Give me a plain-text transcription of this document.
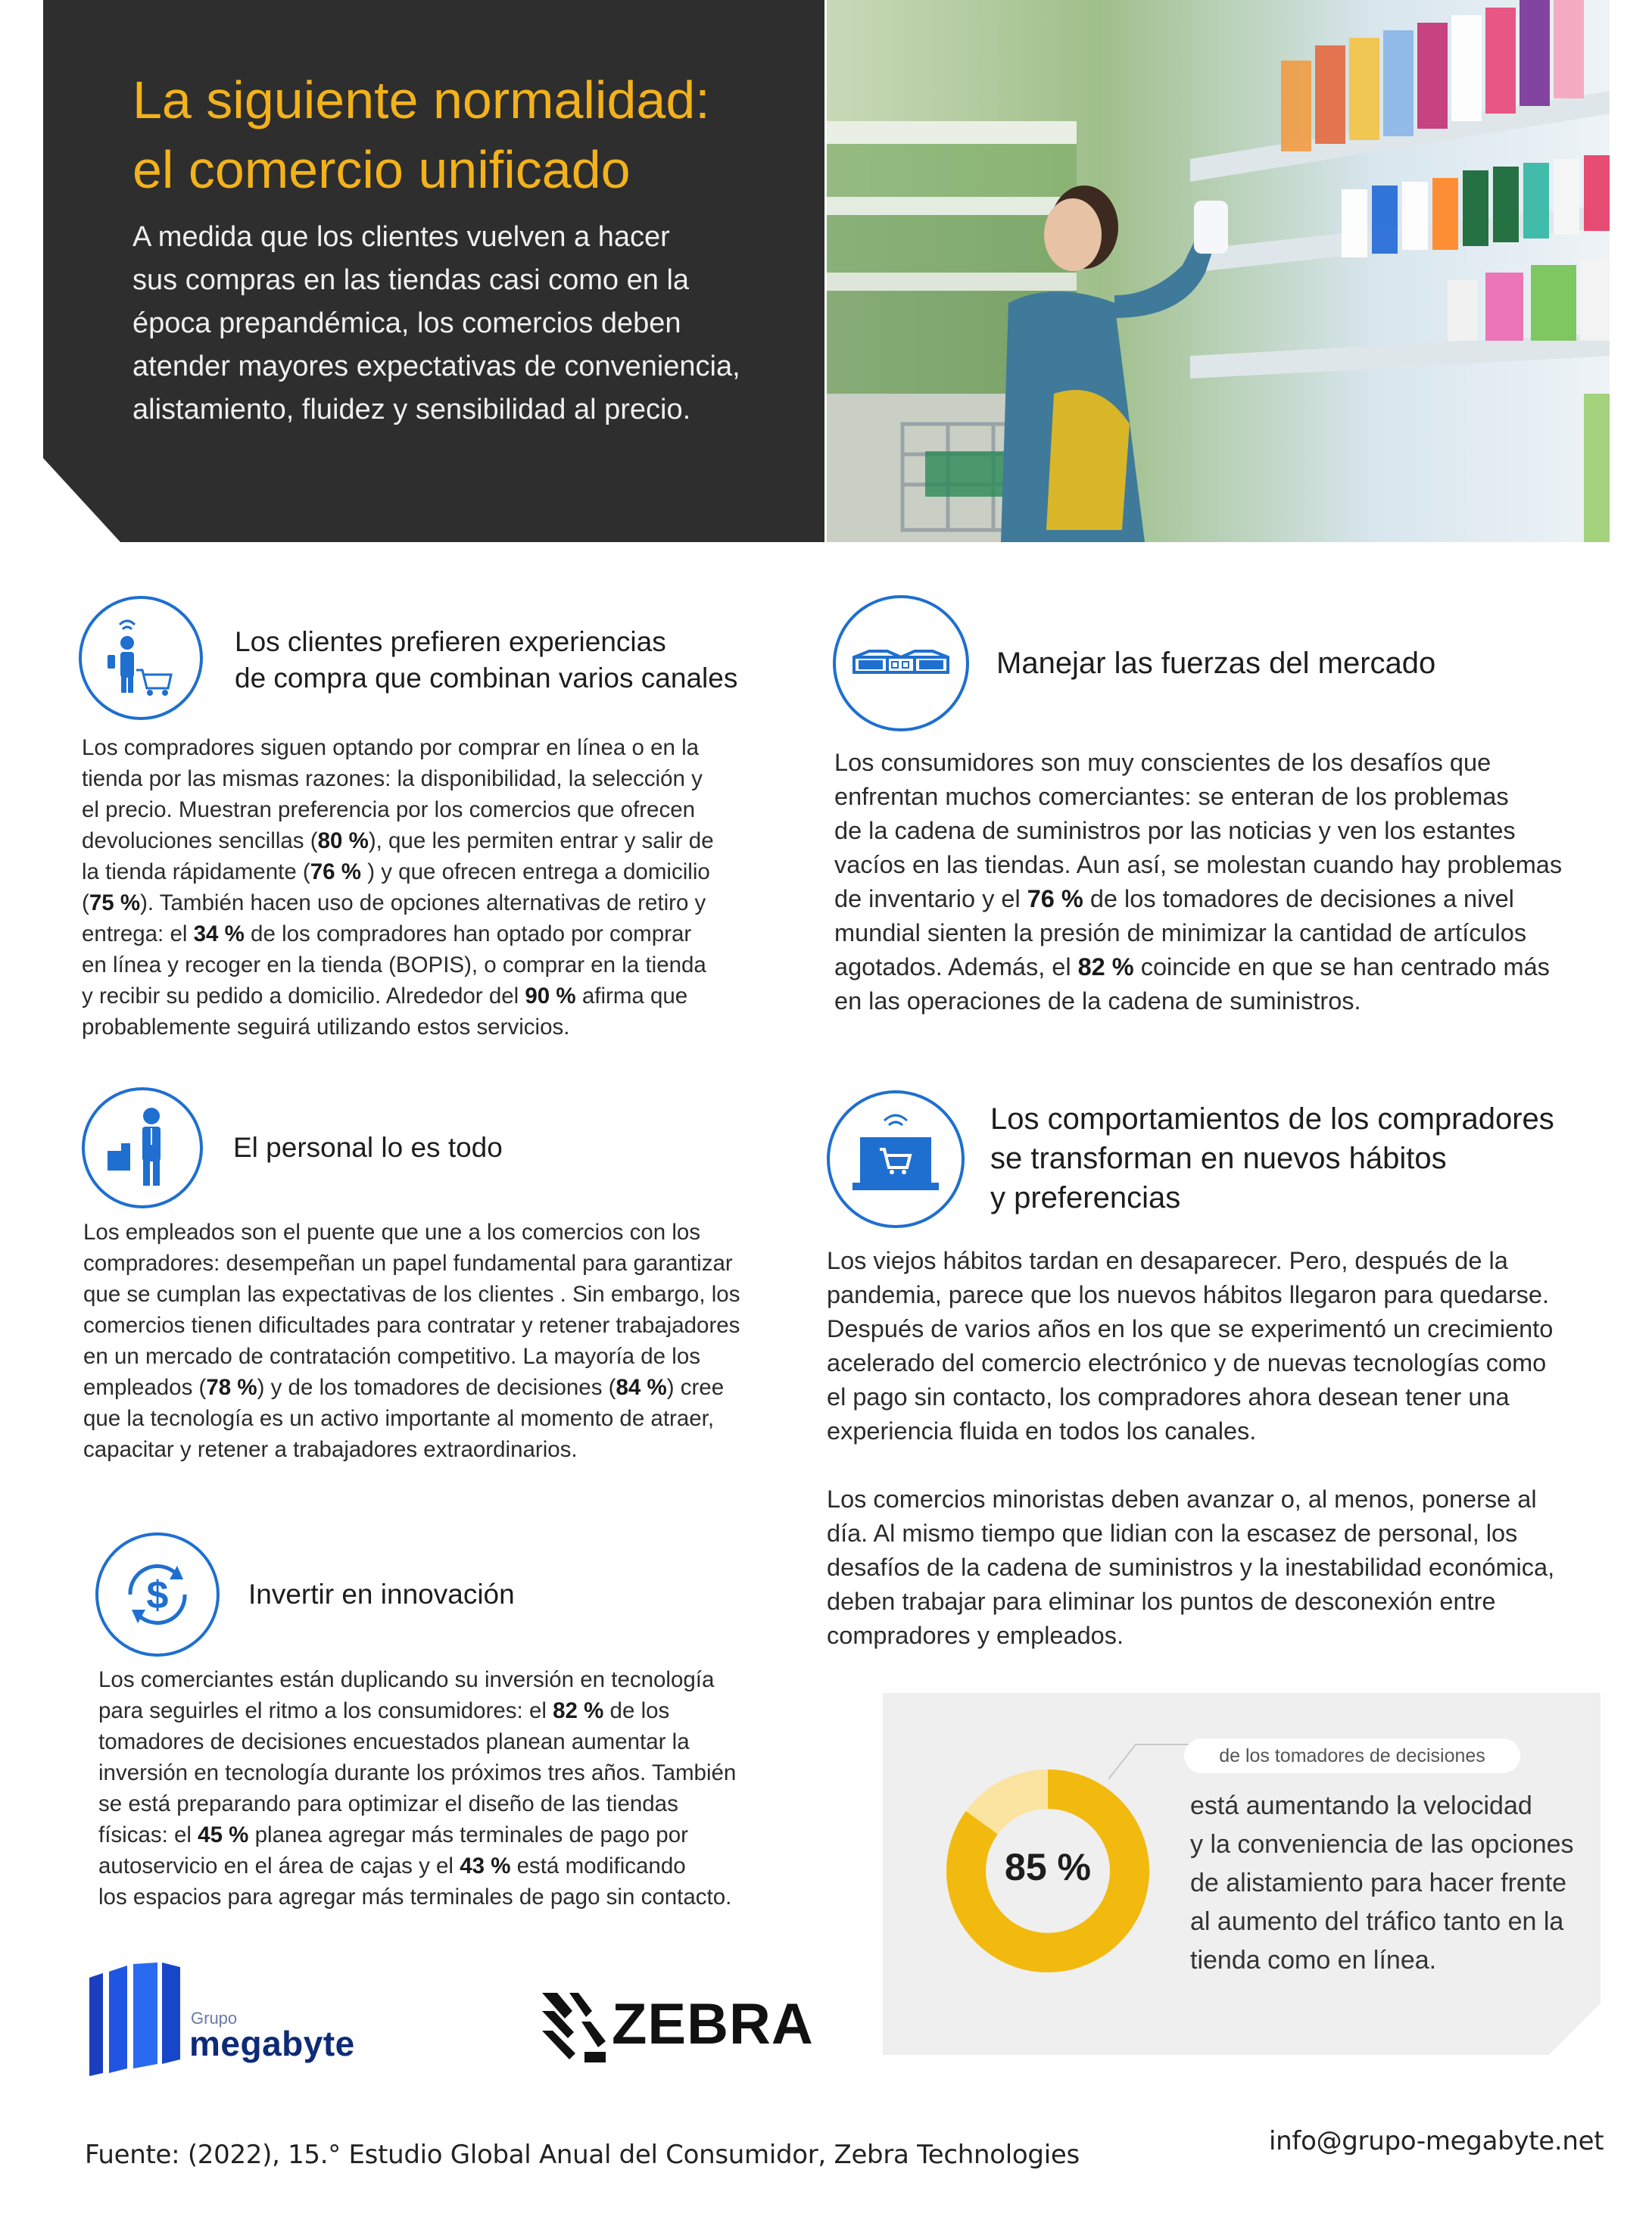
La siguiente normalidad:
el comercio unificado
A medida que los clientes vuelven a hacer
sus compras en las tiendas casi como en la
época prepandémica, los comercios deben
atender mayores expectativas de conveniencia,
alistamiento, fluidez y sensibilidad al precio.
Los clientes prefieren experiencias
de compra que combinan varios canales
Los compradores siguen optando por comprar en línea o en la
tienda por las mismas razones: la disponibilidad, la selección y
el precio. Muestran preferencia por los comercios que ofrecen
devoluciones sencillas (80 %), que les permiten entrar y salir de
la tienda rápidamente (76 % ) y que ofrecen entrega a domicilio
(75 %). También hacen uso de opciones alternativas de retiro y
entrega: el 34 % de los compradores han optado por comprar
en línea y recoger en la tienda (BOPIS), o comprar en la tienda
y recibir su pedido a domicilio. Alrededor del 90 % afirma que
probablemente seguirá utilizando estos servicios.
Manejar las fuerzas del mercado
Los consumidores son muy conscientes de los desafíos que
enfrentan muchos comerciantes: se enteran de los problemas
de la cadena de suministros por las noticias y ven los estantes
vacíos en las tiendas. Aun así, se molestan cuando hay problemas
de inventario y el 76 % de los tomadores de decisiones a nivel
mundial sienten la presión de minimizar la cantidad de artículos
agotados. Además, el 82 % coincide en que se han centrado más
en las operaciones de la cadena de suministros.
El personal lo es todo
Los empleados son el puente que une a los comercios con los
compradores: desempeñan un papel fundamental para garantizar
que se cumplan las expectativas de los clientes . Sin embargo, los
comercios tienen dificultades para contratar y retener trabajadores
en un mercado de contratación competitivo. La mayoría de los
empleados (78 %) y de los tomadores de decisiones (84 %) cree
que la tecnología es un activo importante al momento de atraer,
capacitar y retener a trabajadores extraordinarios.
Los comportamientos de los compradores
se transforman en nuevos hábitos
y preferencias
Los viejos hábitos tardan en desaparecer. Pero, después de la
pandemia, parece que los nuevos hábitos llegaron para quedarse.
Después de varios años en los que se experimentó un crecimiento
acelerado del comercio electrónico y de nuevas tecnologías como
el pago sin contacto, los compradores ahora desean tener una
experiencia fluida en todos los canales.
Los comercios minoristas deben avanzar o, al menos, ponerse al
día. Al mismo tiempo que lidian con la escasez de personal, los
desafíos de la cadena de suministros y la inestabilidad económica,
deben trabajar para eliminar los puntos de desconexión entre
compradores y empleados.
$	Invertir en innovación
Los comerciantes están duplicando su inversión en tecnología
para seguirles el ritmo a los consumidores: el 82 % de los
tomadores de decisiones encuestados planean aumentar la
inversión en tecnología durante los próximos tres años. También
se está preparando para optimizar el diseño de las tiendas
físicas: el 45 % planea agregar más terminales de pago por
autoservicio en el área de cajas y el 43 % está modificando
los espacios para agregar más terminales de pago sin contacto.
de los tomadores de decisiones
85 %
está aumentando la velocidad
y la conveniencia de las opciones
de alistamiento para hacer frente
al aumento del tráfico tanto en la
tienda como en línea.
Grupo
megabyte	ZEBRA
Fuente: (2022), 15.° Estudio Global Anual del Consumidor, Zebra Technologies	info@grupo-megabyte.net
